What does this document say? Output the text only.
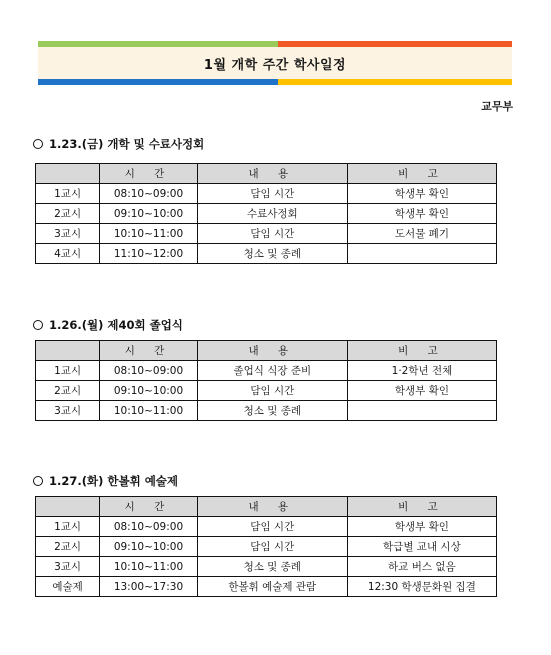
1월 개학 주간 학사일정
교무부
1.23.(금) 개학 및 수료사정회
	시 간	내 용	비 고
1교시	08:10~09:00	담임 시간	학생부 확인
2교시	09:10~10:00	수료사정회	학생부 확인
3교시	10:10~11:00	담임 시간	도서물 폐기
4교시	11:10~12:00	청소 및 종례	
1.26.(월) 제40회 졸업식
	시 간	내 용	비 고
1교시	08:10~09:00	졸업식 식장 준비	1·2학년 전체
2교시	09:10~10:00	담임 시간	학생부 확인
3교시	10:10~11:00	청소 및 종례	
1.27.(화) 한볼휘 예술제
	시 간	내 용	비 고
1교시	08:10~09:00	담임 시간	학생부 확인
2교시	09:10~10:00	담임 시간	학급별 교내 시상
3교시	10:10~11:00	청소 및 종례	하교 버스 없음
예술제	13:00~17:30	한볼휘 예술제 관람	12:30 학생문화원 집결
